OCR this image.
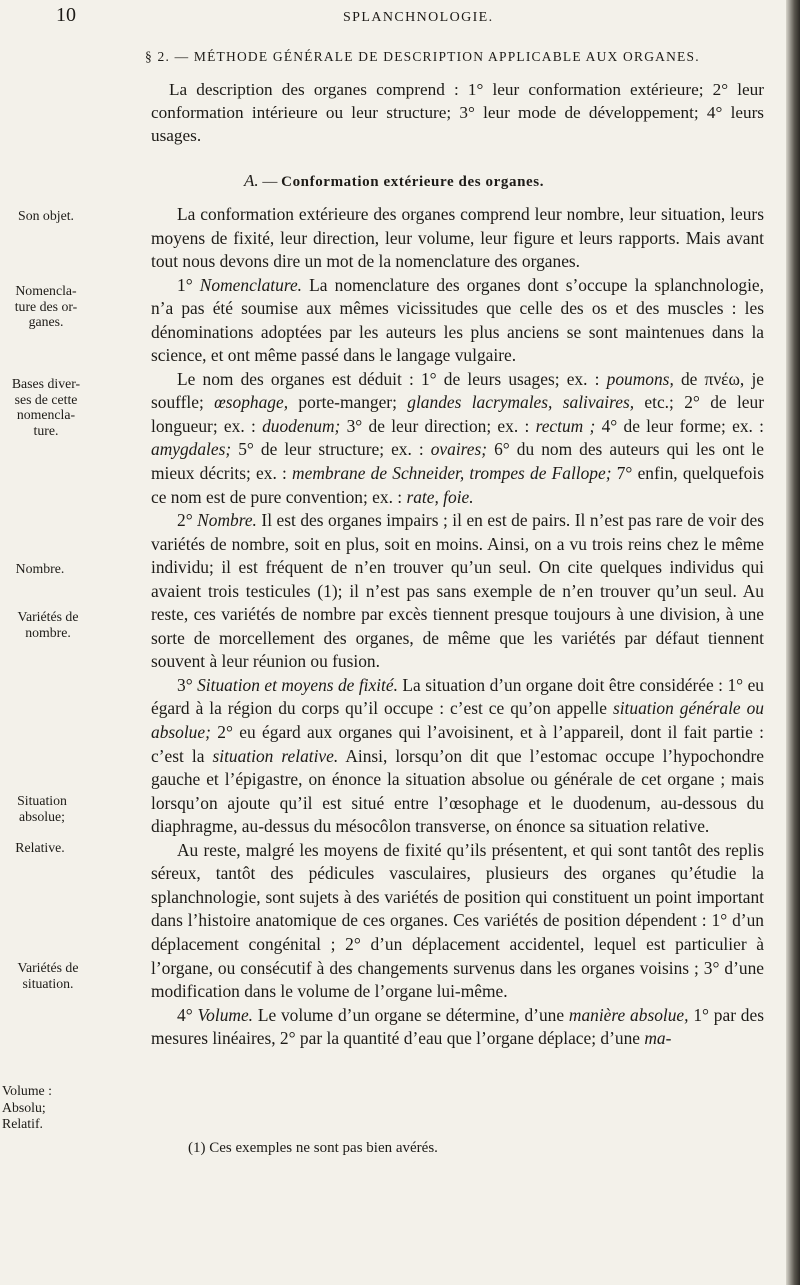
10	SPLANCHNOLOGIE.
§ 2. — MÉTHODE GÉNÉRALE DE DESCRIPTION APPLICABLE AUX ORGANES.
La description des organes comprend : 1° leur conformation extérieure; 2° leur conformation intérieure ou leur structure; 3° leur mode de développement; 4° leurs usages.
A. — Conformation extérieure des organes.
Son objet.
Nomencla-
ture des or-
ganes.
Bases diver-
ses de cette
nomencla-
ture.
Nombre.
Variétés de
nombre.
Situation
absolue;
Relative.
Variétés de
situation.
Volume :
Absolu;
Relatif.

La conformation extérieure des organes comprend leur nombre, leur situation, leurs moyens de fixité, leur direction, leur volume, leur figure et leurs rapports. Mais avant tout nous devons dire un mot de la nomenclature des organes.

1° Nomenclature. La nomenclature des organes dont s’occupe la splanchnologie, n’a pas été soumise aux mêmes vicissitudes que celle des os et des muscles : les dénominations adoptées par les auteurs les plus anciens se sont maintenues dans la science, et ont même passé dans le langage vulgaire.

Le nom des organes est déduit : 1° de leurs usages; ex. : poumons, de πνέω, je souffle; œsophage, porte-manger; glandes lacrymales, salivaires, etc.; 2° de leur longueur; ex. : duodenum; 3° de leur direction; ex. : rectum ; 4° de leur forme; ex. : amygdales; 5° de leur structure; ex. : ovaires; 6° du nom des auteurs qui les ont le mieux décrits; ex. : membrane de Schneider, trompes de Fallope; 7° enfin, quelquefois ce nom est de pure convention; ex. : rate, foie.

2° Nombre. Il est des organes impairs ; il en est de pairs. Il n’est pas rare de voir des variétés de nombre, soit en plus, soit en moins. Ainsi, on a vu trois reins chez le même individu; il est fréquent de n’en trouver qu’un seul. On cite quelques individus qui avaient trois testicules (1); il n’est pas sans exemple de n’en trouver qu’un seul. Au reste, ces variétés de nombre par excès tiennent presque toujours à une division, à une sorte de morcellement des organes, de même que les variétés par défaut tiennent souvent à leur réunion ou fusion.

3° Situation et moyens de fixité. La situation d’un organe doit être considérée : 1° eu égard à la région du corps qu’il occupe : c’est ce qu’on appelle situation générale ou absolue; 2° eu égard aux organes qui l’avoisinent, et à l’appareil, dont il fait partie : c’est la situation relative. Ainsi, lorsqu’on dit que l’estomac occupe l’hypochondre gauche et l’épigastre, on énonce la situation absolue ou générale de cet organe ; mais lorsqu’on ajoute qu’il est situé entre l’œsophage et le duodenum, au-dessous du diaphragme, au-dessus du mésocôlon transverse, on énonce sa situation relative.

Au reste, malgré les moyens de fixité qu’ils présentent, et qui sont tantôt des replis séreux, tantôt des pédicules vasculaires, plusieurs des organes qu’étudie la splanchnologie, sont sujets à des variétés de position qui constituent un point important dans l’histoire anatomique de ces organes. Ces variétés de position dépendent : 1° d’un déplacement congénital ; 2° d’un déplacement accidentel, lequel est particulier à l’organe, ou consécutif à des changements survenus dans les organes voisins ; 3° d’une modification dans le volume de l’organe lui-même.

4° Volume. Le volume d’un organe se détermine, d’une manière absolue, 1° par des mesures linéaires, 2° par la quantité d’eau que l’organe déplace; d’une ma-

(1) Ces exemples ne sont pas bien avérés.
